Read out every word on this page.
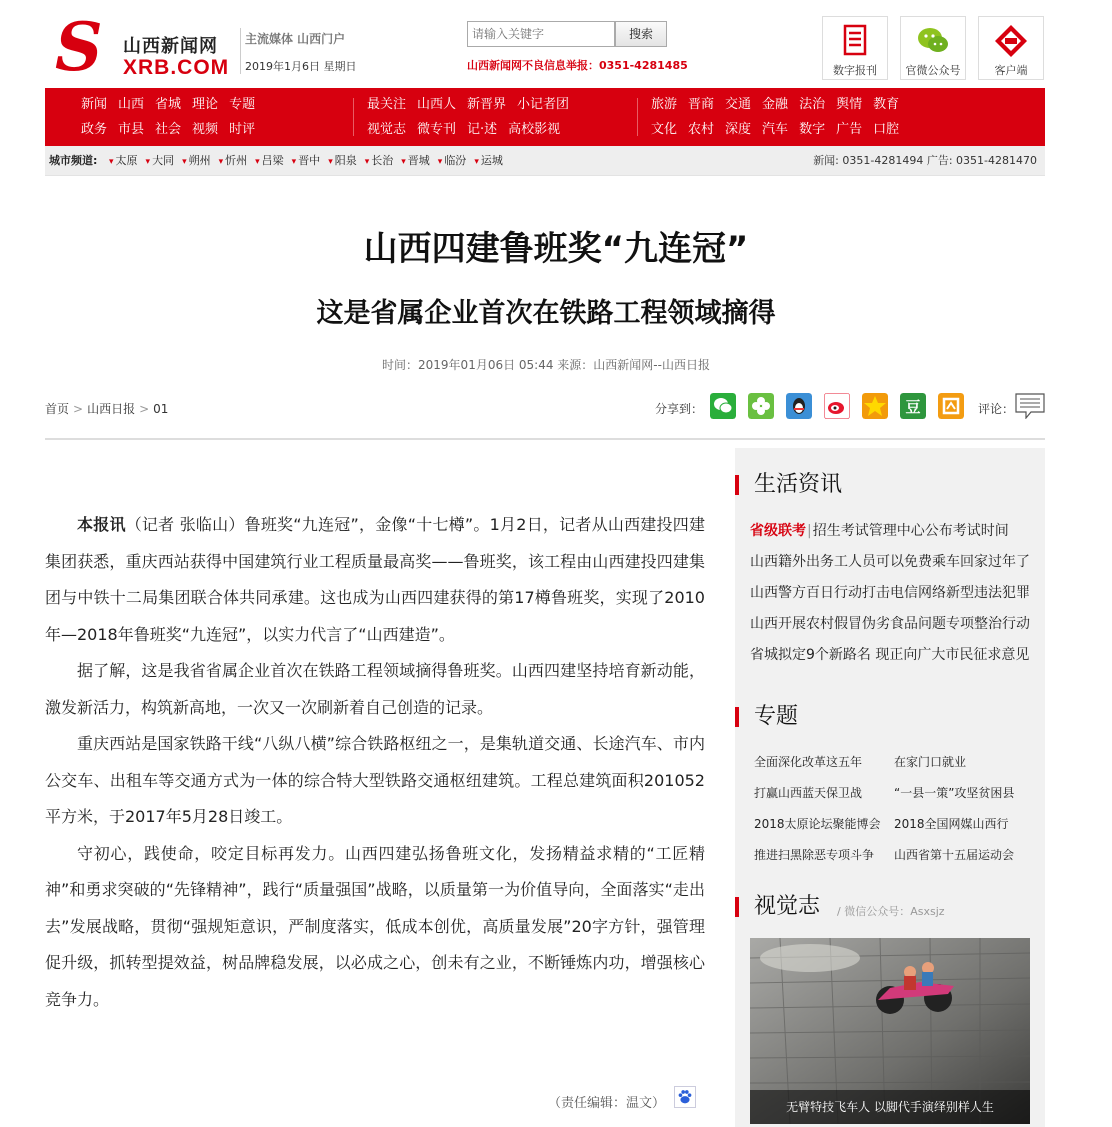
S 山西新闻网
XRB.COM
主流媒体 山西门户
2019年1月6日 星期日
请输入关键字
搜索
山西新闻网不良信息举报：0351-4281485	数字报刊	官微公众号	客户端
新闻 山西 省城 理论 专题
政务 市县 社会 视频 时评
最关注 山西人 新晋界 小记者团
视觉志 微专刊 记·述 高校影视
旅游 晋商 交通 金融 法治 舆情 教育
文化 农村 深度 汽车 数字 广告 口腔
城市频道:	▾ 太原 ▾ 大同 ▾ 朔州 ▾ 忻州 ▾ 吕梁 ▾ 晋中 ▾ 阳泉 ▾ 长治 ▾ 晋城 ▾ 临汾 ▾ 运城	新闻: 0351-4281494 广告: 0351-4281470
山西四建鲁班奖“九连冠”
这是省属企业首次在铁路工程领域摘得
时间：2019年01月06日 05:44 来源：山西新闻网--山西日报
首页 > 山西日报 > 01	分享到：	豆	评论：

本报讯（记者 张临山）鲁班奖“九连冠”，金像“十七樽”。1月2日，记者从山西建投四建集团获悉，重庆西站获得中国建筑行业工程质量最高奖——鲁班奖，该工程由山西建投四建集团与中铁十二局集团联合体共同承建。这也成为山西四建获得的第17樽鲁班奖，实现了2010年—2018年鲁班奖“九连冠”，以实力代言了“山西建造”。

据了解，这是我省省属企业首次在铁路工程领域摘得鲁班奖。山西四建坚持培育新动能，激发新活力，构筑新高地，一次又一次刷新着自己创造的记录。

重庆西站是国家铁路干线“八纵八横”综合铁路枢纽之一，是集轨道交通、长途汽车、市内公交车、出租车等交通方式为一体的综合特大型铁路交通枢纽建筑。工程总建筑面积201052平方米，于2017年5月28日竣工。

守初心，践使命，咬定目标再发力。山西四建弘扬鲁班文化，发扬精益求精的“工匠精神”和勇求突破的“先锋精神”，践行“质量强国”战略，以质量第一为价值导向，全面落实“走出去”发展战略，贯彻“强规矩意识，严制度落实，低成本创优，高质量发展”20字方针，强管理促升级，抓转型提效益，树品牌稳发展，以必成之心，创未有之业，不断锤炼内功，增强核心竞争力。

（责任编辑：温文）
生活资讯
省级联考|招生考试管理中心公布考试时间
山西籍外出务工人员可以免费乘车回家过年了
山西警方百日行动打击电信网络新型违法犯罪
山西开展农村假冒伪劣食品问题专项整治行动
省城拟定9个新路名 现正向广大市民征求意见
专题
全面深化改革这五年	在家门口就业
打赢山西蓝天保卫战	“一县一策”攻坚贫困县
2018太原论坛聚能博会 2018全国网媒山西行
推进扫黑除恶专项斗争 山西省第十五届运动会
视觉志 / 微信公众号：Asxsjz
无臂特技飞车人 以脚代手演绎别样人生
